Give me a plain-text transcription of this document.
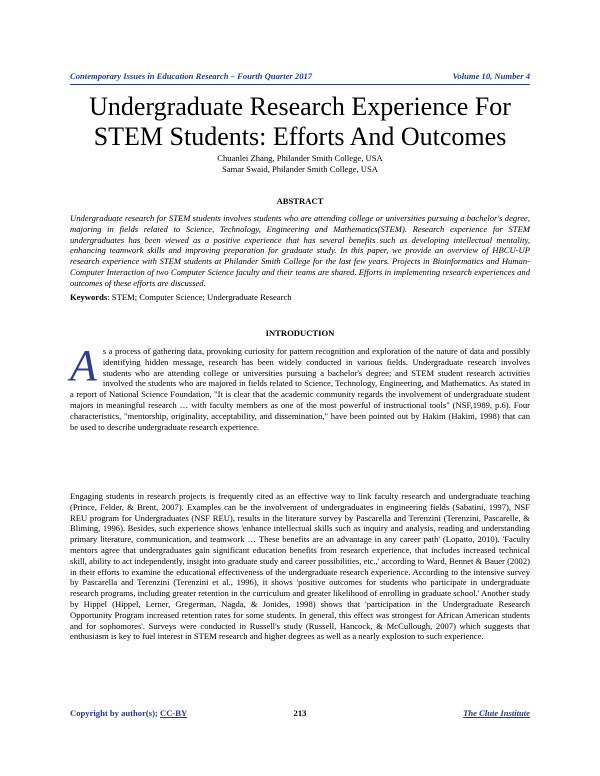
Contemporary Issues in Education Research – Fourth Quarter 2017	Volume 10, Number 4
Undergraduate Research Experience For STEM Students: Efforts And Outcomes
Chuanlei Zhang, Philander Smith College, USA
Samar Swaid, Philander Smith College, USA
ABSTRACT
Undergraduate research for STEM students involves students who are attending college or universities pursuing a bachelor's degree, majoring in fields related to Science, Technology, Engineering and Mathematics(STEM). Research experience for STEM undergraduates has been viewed as a positive experience that has several benefits such as developing intellectual mentality, enhancing teamwork skills and improving preparation for graduate study. In this paper, we provide an overview of HBCU-UP research experience with STEM students at Philander Smith College for the last few years. Projects in Bioinformatics and Human-Computer Interaction of two Computer Science faculty and their teams are shared. Efforts in implementing research experiences and outcomes of these efforts are discussed.
Keywords: STEM; Computer Science; Undergraduate Research
INTRODUCTION
As a process of gathering data, provoking curiosity for pattern recognition and exploration of the nature of data and possibly identifying hidden message, research has been widely conducted in various fields. Undergraduate research involves students who are attending college or universities pursuing a bachelor's degree; and STEM student research activities involved the students who are majored in fields related to Science, Technology, Engineering, and Mathematics. As stated in a report of National Science Foundation, "It is clear that the academic community regards the involvement of undergraduate student majors in meaningful research … with faculty members as one of the most powerful of instructional tools" (NSF,1989, p.6). Four characteristics, "mentorship, originality, acceptability, and dissemination," have been pointed out by Hakim (Hakim, 1998) that can be used to describe undergraduate research experience.
Engaging students in research projects is frequently cited as an effective way to link faculty research and undergraduate teaching (Prince, Felder, & Brent, 2007). Examples can be the involvement of undergraduates in engineering fields (Sabatini, 1997), NSF REU program for Undergraduates (NSF REU), results in the literature survey by Pascarella and Terenzini (Terenzini, Pascarelle, & Bliming, 1996). Besides, such experience shows 'enhance intellectual skills such as inquiry and analysis, reading and understanding primary literature, communication, and teamwork … These benefits are an advantage in any career path' (Lopatto, 2010). 'Faculty mentors agree that undergraduates gain significant education benefits from research experience, that includes increased technical skill, ability to act independently, insight into graduate study and career possibilities, etc.,' according to Ward, Bennet & Bauer (2002) in their efforts to examine the educational effectiveness of the undergraduate research experience. According to the intensive survey by Pascarella and Terenzini (Terenzini et al., 1996), it shows 'positive outcomes for students who participate in undergraduate research programs, including greater retention in the curriculum and greater likelihood of enrolling in graduate school.' Another study by Hippel (Hippel, Lerner, Gregerman, Nagda, & Jonides, 1998) shows that 'participation in the Undergraduate Research Opportunity Program increased retention rates for some students. In general, this effect was strongest for African American students and for sophomores'. Surveys were conducted in Russell's study (Russell, Hancock, & McCullough, 2007) which suggests that enthusiasm is key to fuel interest in STEM research and higher degrees as well as a nearly explosion to such experience.
Copyright by author(s); CC-BY	213	The Clute Institute
